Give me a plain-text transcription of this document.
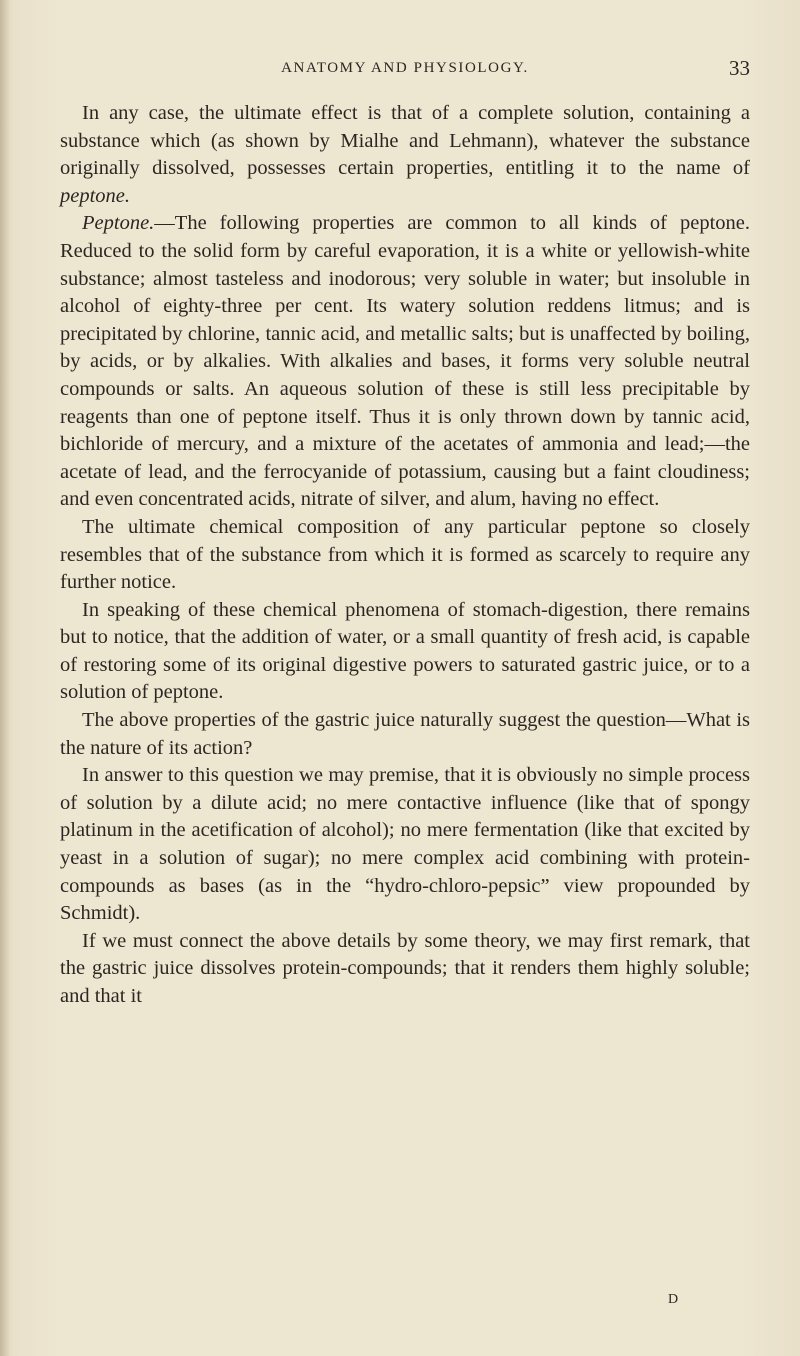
ANATOMY AND PHYSIOLOGY.	33

In any case, the ultimate effect is that of a complete solution, containing a substance which (as shown by Mialhe and Lehmann), whatever the substance originally dissolved, possesses certain properties, entitling it to the name of peptone.

Peptone.—The following properties are common to all kinds of peptone. Reduced to the solid form by careful evaporation, it is a white or yellowish-white substance; almost tasteless and inodorous; very soluble in water; but insoluble in alcohol of eighty-three per cent. Its watery solution reddens litmus; and is precipitated by chlorine, tannic acid, and metallic salts; but is unaffected by boiling, by acids, or by alkalies. With alkalies and bases, it forms very soluble neutral compounds or salts. An aqueous solution of these is still less precipitable by reagents than one of peptone itself. Thus it is only thrown down by tannic acid, bichloride of mercury, and a mixture of the acetates of ammonia and lead;—the acetate of lead, and the ferrocyanide of potassium, causing but a faint cloudiness; and even concentrated acids, nitrate of silver, and alum, having no effect.

The ultimate chemical composition of any particular peptone so closely resembles that of the substance from which it is formed as scarcely to require any further notice.

In speaking of these chemical phenomena of stomach-digestion, there remains but to notice, that the addition of water, or a small quantity of fresh acid, is capable of restoring some of its original digestive powers to saturated gastric juice, or to a solution of peptone.

The above properties of the gastric juice naturally suggest the question—What is the nature of its action?

In answer to this question we may premise, that it is obviously no simple process of solution by a dilute acid; no mere contactive influence (like that of spongy platinum in the acetification of alcohol); no mere fermentation (like that excited by yeast in a solution of sugar); no mere complex acid combining with protein-compounds as bases (as in the “hydro-chloro-pepsic” view propounded by Schmidt).

If we must connect the above details by some theory, we may first remark, that the gastric juice dissolves protein-compounds; that it renders them highly soluble; and that it

D
